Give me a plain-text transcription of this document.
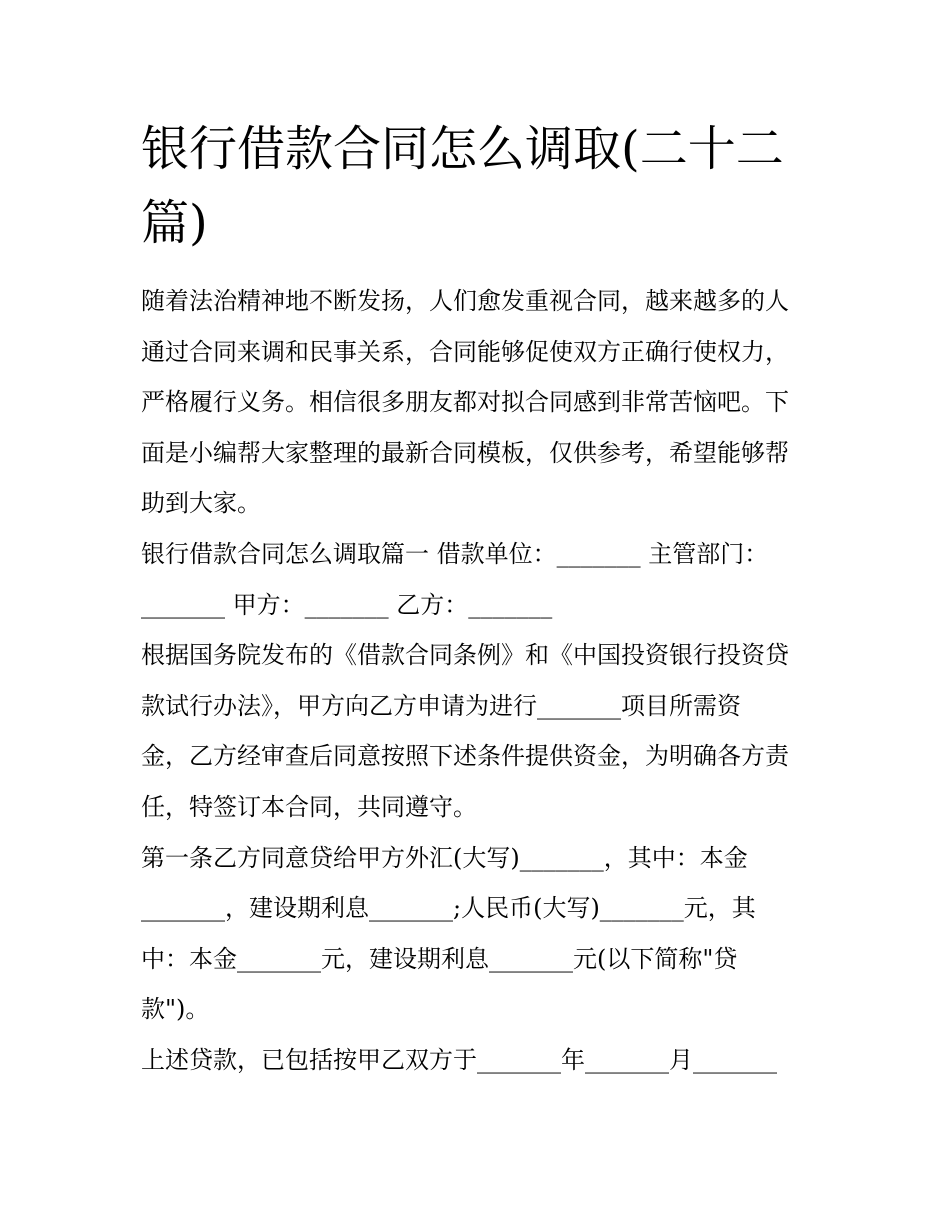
银行借款合同怎么调取(二十二
篇)
随着法治精神地不断发扬，人们愈发重视合同，越来越多的人
通过合同来调和民事关系，合同能够促使双方正确行使权力，
严格履行义务。相信很多朋友都对拟合同感到非常苦恼吧。下
面是小编帮大家整理的最新合同模板，仅供参考，希望能够帮
助到大家。
银行借款合同怎么调取篇一 借款单位：_______ 主管部门：
_______ 甲方：_______ 乙方：_______
根据国务院发布的《借款合同条例》和《中国投资银行投资贷
款试行办法》，甲方向乙方申请为进行_______项目所需资
金，乙方经审查后同意按照下述条件提供资金，为明确各方责
任，特签订本合同，共同遵守。
第一条乙方同意贷给甲方外汇(大写)_______，其中：本金
_______，建设期利息_______;人民币(大写)_______元，其
中：本金_______元，建设期利息_______元(以下简称"贷
款")。
上述贷款，已包括按甲乙双方于_______年_______月_______
